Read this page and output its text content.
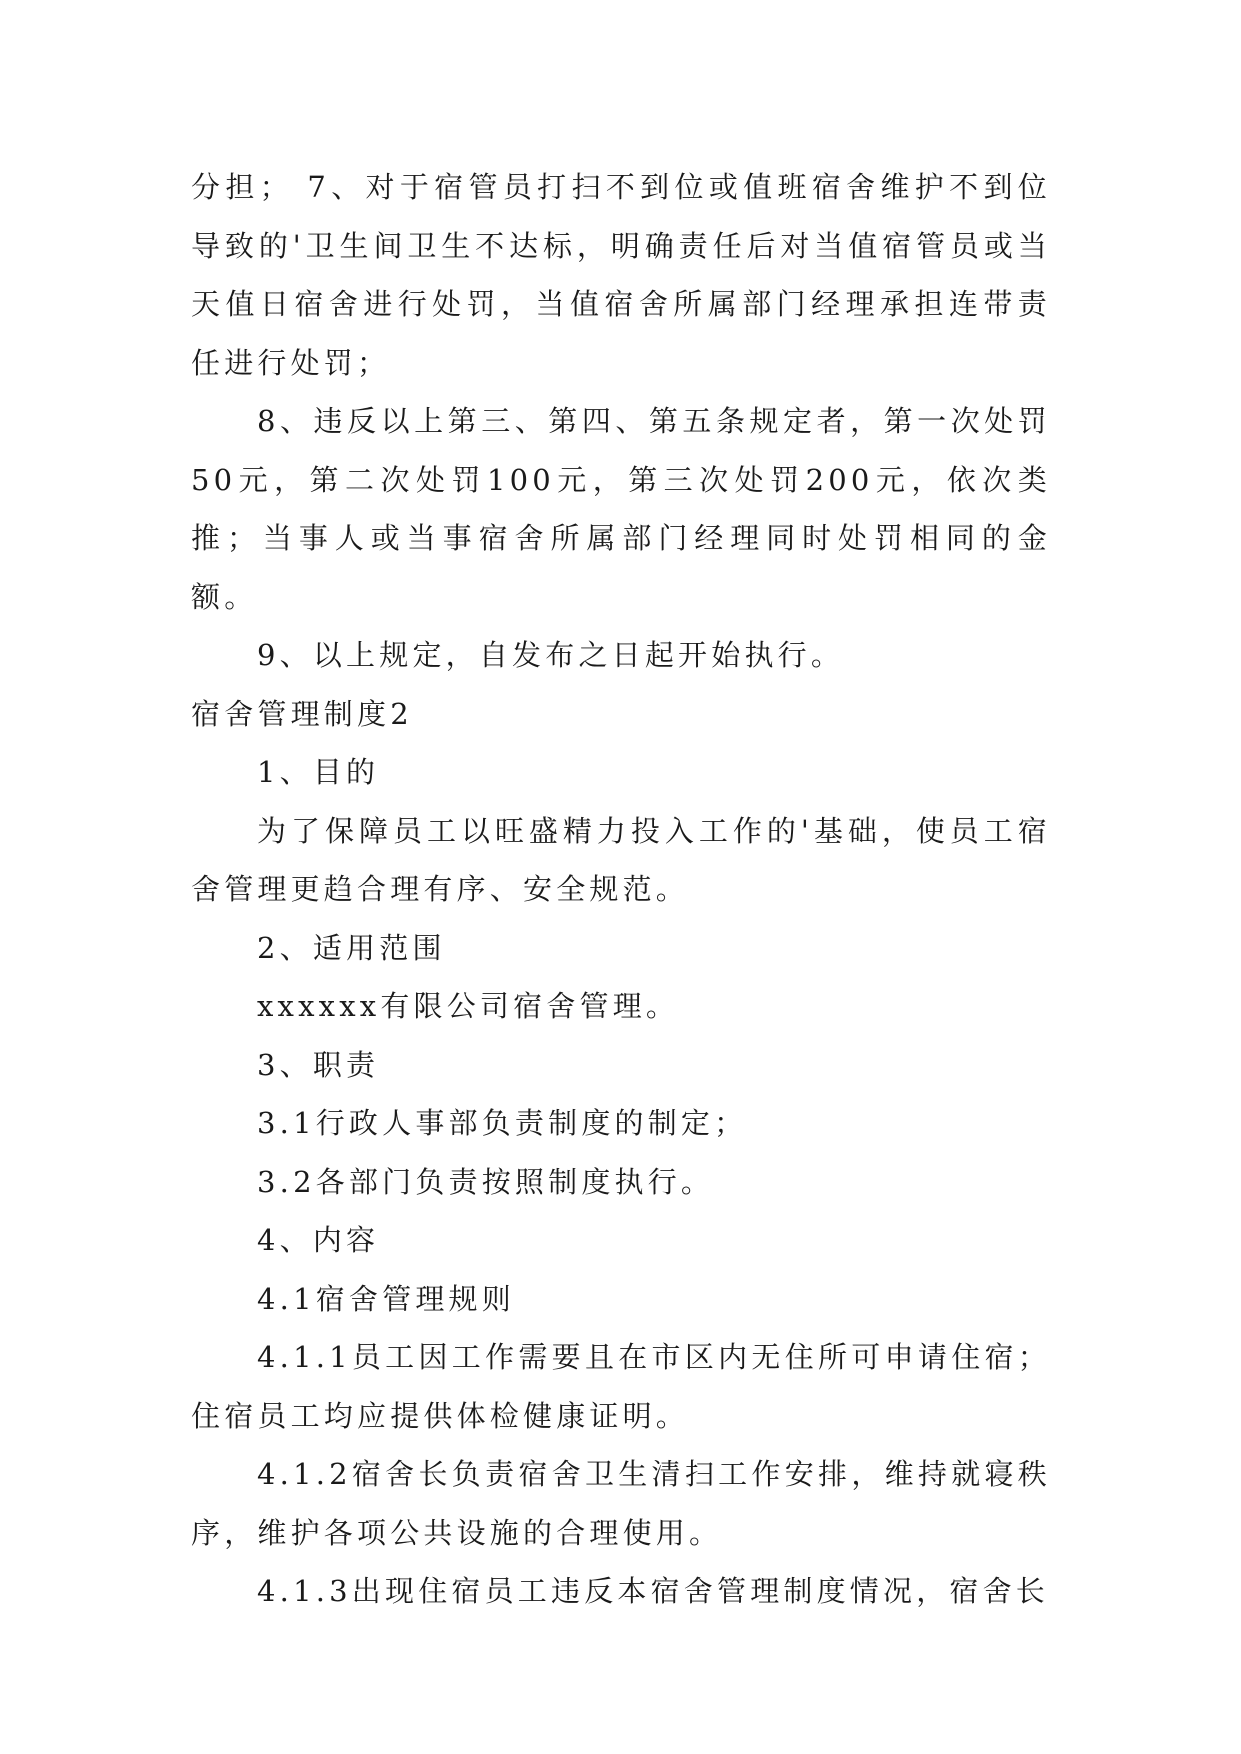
分担； 7、对于宿管员打扫不到位或值班宿舍维护不到位导致的'卫生间卫生不达标，明确责任后对当值宿管员或当天值日宿舍进行处罚，当值宿舍所属部门经理承担连带责任进行处罚；

8、违反以上第三、第四、第五条规定者，第一次处罚50元，第二次处罚100元，第三次处罚200元，依次类推；当事人或当事宿舍所属部门经理同时处罚相同的金额。

9、以上规定，自发布之日起开始执行。

宿舍管理制度2

1、目的

为了保障员工以旺盛精力投入工作的'基础，使员工宿舍管理更趋合理有序、安全规范。

2、适用范围

xxxxxx有限公司宿舍管理。

3、职责

3.1行政人事部负责制度的制定；

3.2各部门负责按照制度执行。

4、内容

4.1宿舍管理规则

4.1.1员工因工作需要且在市区内无住所可申请住宿；住宿员工均应提供体检健康证明。

4.1.2宿舍长负责宿舍卫生清扫工作安排，维持就寝秩序，维护各项公共设施的合理使用。

4.1.3出现住宿员工违反本宿舍管理制度情况，宿舍长
